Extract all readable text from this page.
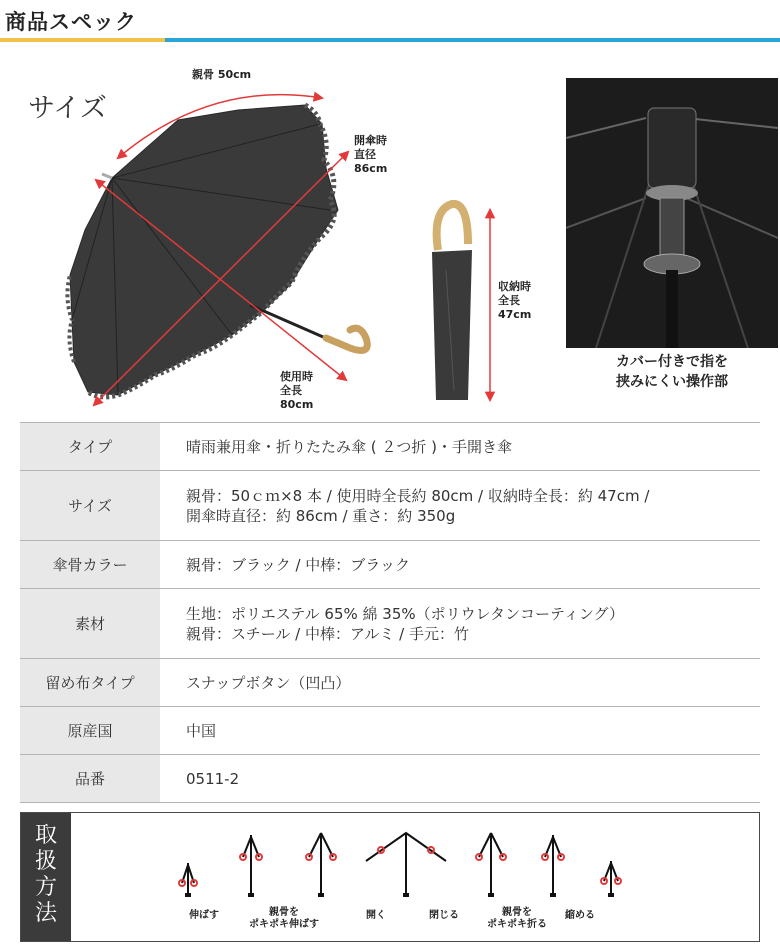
商品スペック
サイズ
親骨 50cm
開傘時
直径
86cm
使用時
全長
80cm
収納時
全長
47cm
カバー付きで指を
挟みにくい操作部
タイプ	晴雨兼用傘・折りたたみ傘 ( ２つ折 )・手開き傘

サイズ	親骨：50ｃｍ×8 本 / 使用時全長約 80cm / 収納時全長：約 47cm /
開傘時直径：約 86cm / 重さ：約 350g

傘骨カラー	親骨：ブラック / 中棒：ブラック

素材	生地：ポリエステル 65% 綿 35%（ポリウレタンコーティング）
親骨：スチール / 中棒：アルミ / 手元：竹

留め布タイプ	スナップボタン（凹凸）

原産国	中国

品番	0511-2
取
扱
方
法	伸ばす	親骨を
ポキポキ伸ばす
開く	閉じる	親骨を
ポキポキ折る
縮める
